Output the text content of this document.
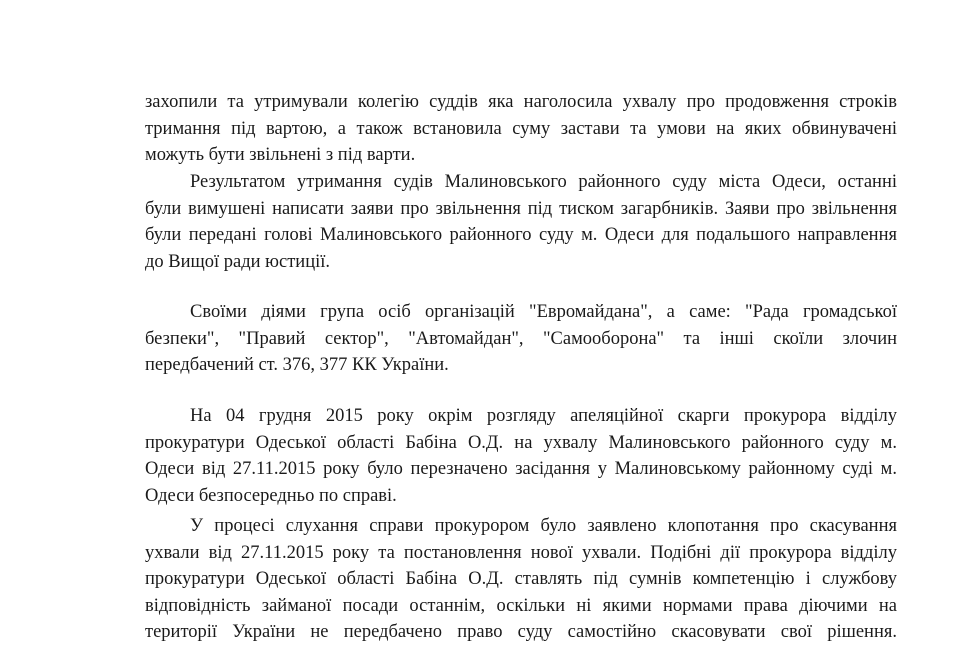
захопили та утримували колегію суддів яка наголосила ухвалу про продовження строків
тримання під вартою, а також встановила суму застави та умови на яких обвинувачені
можуть бути звільнені з під варти.
Результатом утримання судів Малиновського районного суду міста Одеси, останні
були вимушені написати заяви про звільнення під тиском загарбників. Заяви про звільнення
були передані голові Малиновського районного суду м. Одеси для подальшого направлення
до Вищої ради юстиції.
Своїми діями група осіб організацій "Евромайдана", а саме: "Рада громадської
безпеки", "Правий сектор", "Автомайдан", "Самооборона" та інші скоїли злочин
передбачений ст. 376, 377 КК України.
На 04 грудня 2015 року окрім розгляду апеляційної скарги прокурора відділу
прокуратури Одеської області Бабіна О.Д. на ухвалу Малиновського районного суду м.
Одеси від 27.11.2015 року було перезначено засідання у Малиновському районному суді м.
Одеси безпосередньо по справі.
У процесі слухання справи прокурором було заявлено клопотання про скасування
ухвали від 27.11.2015 року та постановлення нової ухвали. Подібні дії прокурора відділу
прокуратури Одеської області Бабіна О.Д. ставлять під сумнів компетенцію і службову
відповідність займаної посади останнім, оскільки ні якими нормами права діючими на
території України не передбачено право суду самостійно скасовувати свої рішення.
